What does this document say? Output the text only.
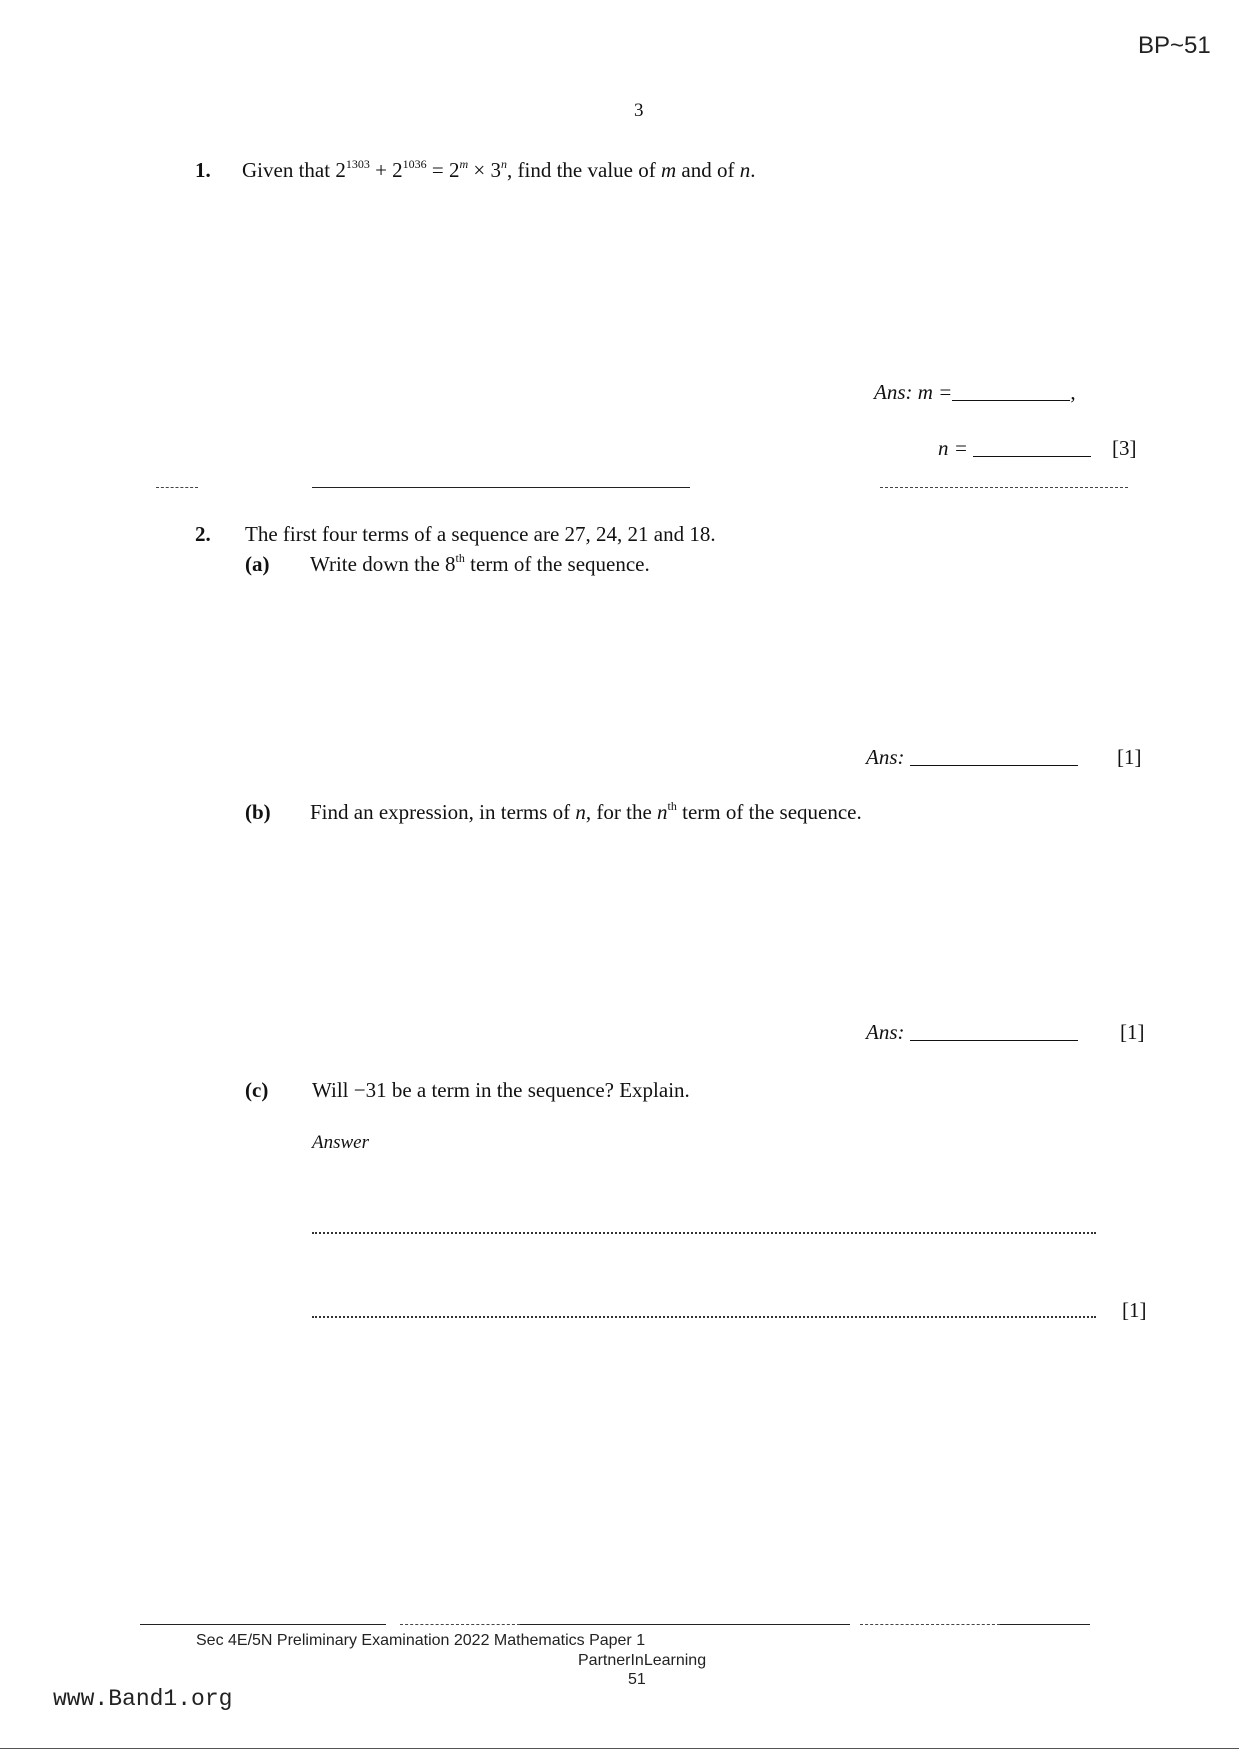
BP~51
3
1. Given that $2^{1303} + 2^{1036} = 2^m \times 3^n$, find the value of m and of n.
Ans: m =	,
n =	[3]
2. The first four terms of a sequence are 27, 24, 21 and 18.
(a) Write down the 8th term of the sequence.
Ans:	[1]
(b) Find an expression, in terms of n, for the $n^{th}$ term of the sequence.
Ans:	[1]
(c) Will −31 be a term in the sequence? Explain.
Answer
[1]
Sec 4E/5N Preliminary Examination 2022 Mathematics Paper 1
PartnerInLearning
51
www.Band1.org
